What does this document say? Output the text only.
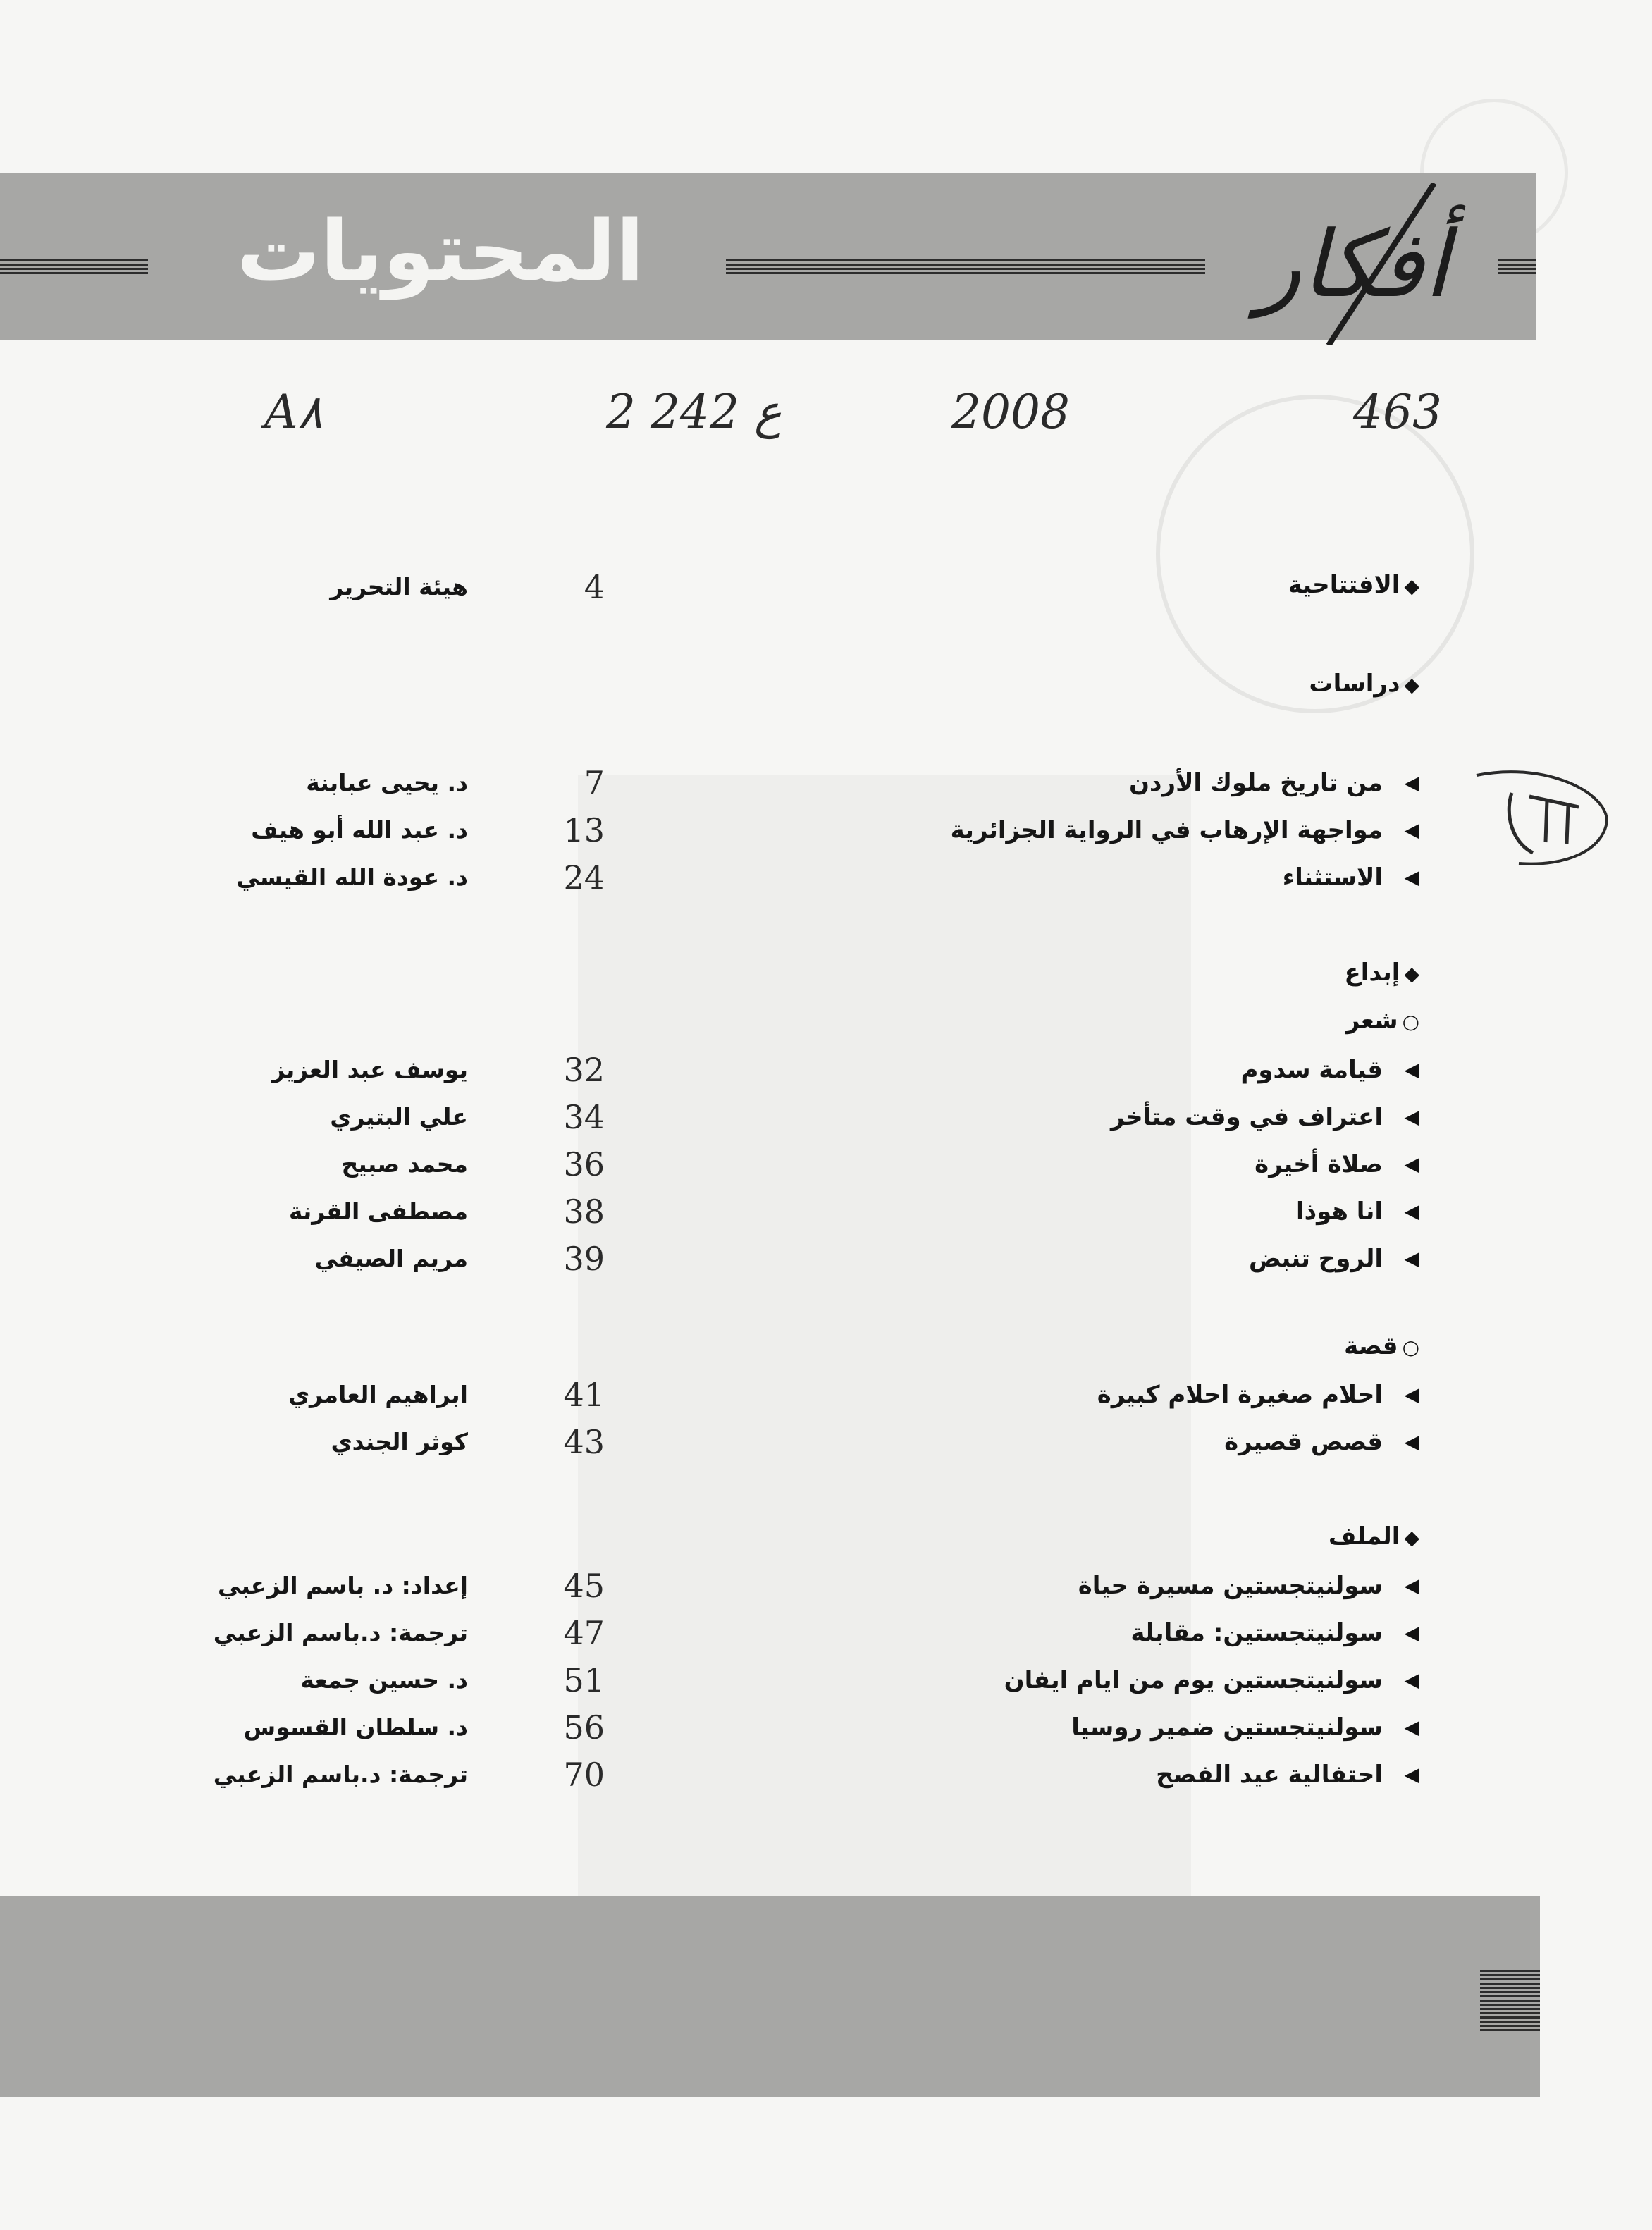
المحتويات	أفكار
463
2008
2 ع 242
A٨
◆الافتتاحية
4
هيئة التحرير
◆دراسات
◀
من تاريخ ملوك الأردن
7
د. يحيى عبابنة
◀
مواجهة الإرهاب في الرواية الجزائرية
13
د. عبد الله أبو هيف
◀
الاستثناء
24
د. عودة الله القيسي
◆إبداع
○شعر
◀
قيامة سدوم
32
يوسف عبد العزيز
◀
اعتراف في وقت متأخر
34
علي البتيري
◀
صلاة أخيرة
36
محمد صبيح
◀
انا هوذا
38
مصطفى القرنة
◀
الروح تنبض
39
مريم الصيفي
○قصة
◀
احلام صغيرة احلام كبيرة
41
ابراهيم العامري
◀
قصص قصيرة
43
كوثر الجندي
◆الملف
◀
سولنيتجستين مسيرة حياة
45
إعداد: د. باسم الزعبي
◀
سولنيتجستين: مقابلة
47
ترجمة: د.باسم الزعبي
◀
سولنيتجستين يوم من ايام ايفان
51
د. حسين جمعة
◀
سولنيتجستين ضمير روسيا
56
د. سلطان القسوس
◀
احتفالية عيد الفصح
70
ترجمة: د.باسم الزعبي
